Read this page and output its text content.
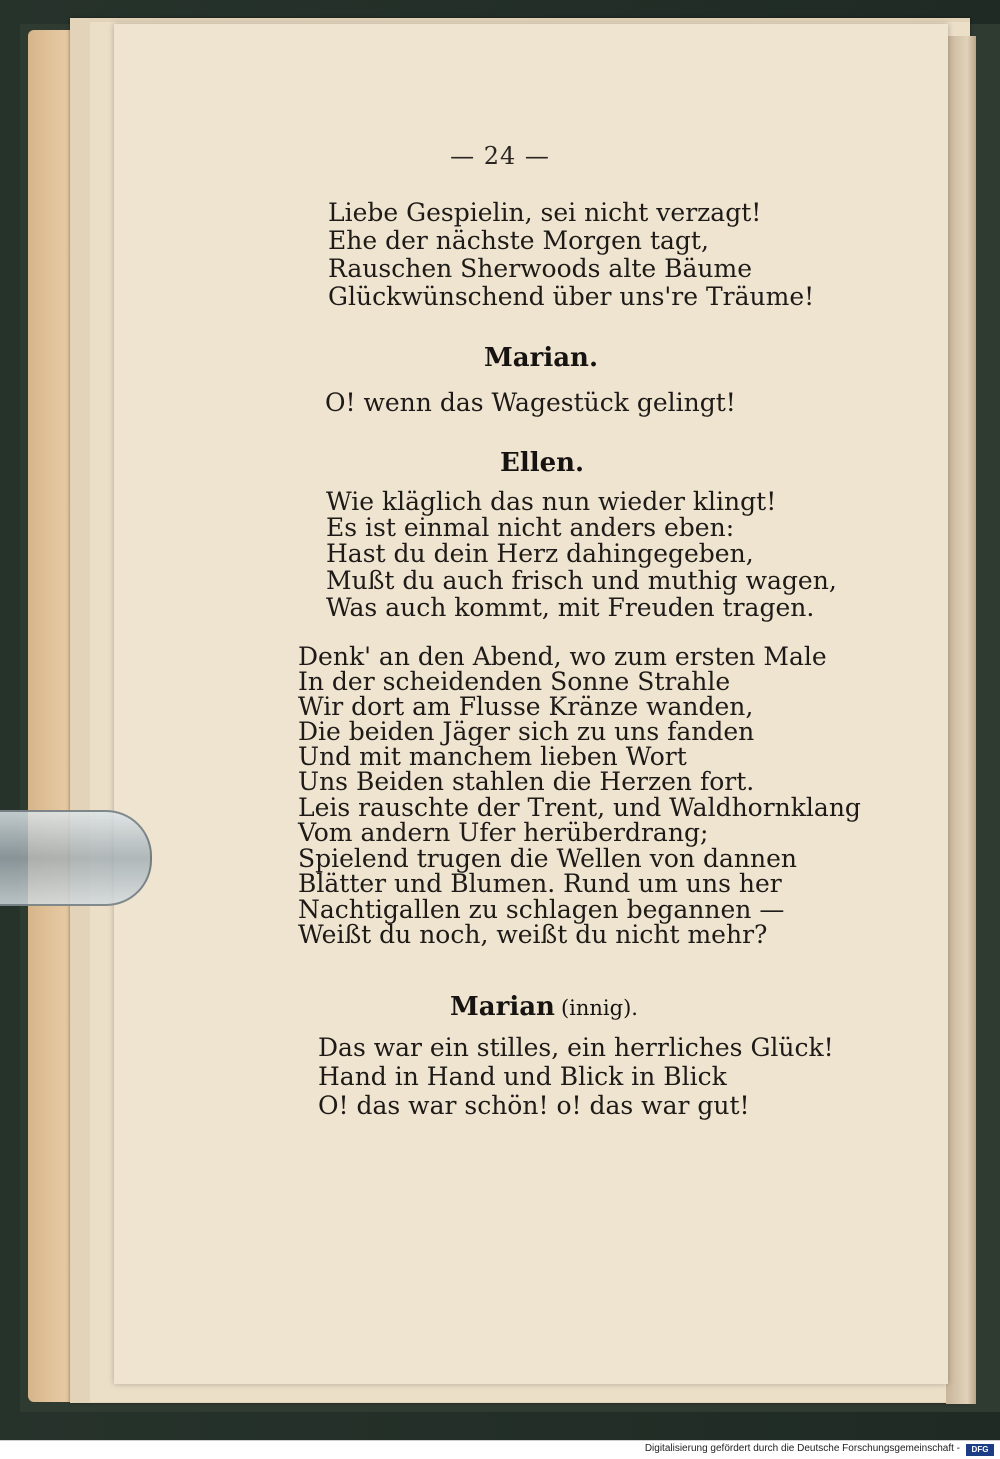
— 24 —
Liebe Gespielin, sei nicht verzagt!
Ehe der nächste Morgen tagt,
Rauschen Sherwoods alte Bäume
Glückwünschend über uns're Träume!
Marian.
O! wenn das Wagestück gelingt!
Ellen.
Wie kläglich das nun wieder klingt!
Es ist einmal nicht anders eben:
Hast du dein Herz dahingegeben,
Mußt du auch frisch und muthig wagen,
Was auch kommt, mit Freuden tragen.
Denk' an den Abend, wo zum ersten Male
In der scheidenden Sonne Strahle
Wir dort am Flusse Kränze wanden,
Die beiden Jäger sich zu uns fanden
Und mit manchem lieben Wort
Uns Beiden stahlen die Herzen fort.
Leis rauschte der Trent, und Waldhornklang
Vom andern Ufer herüberdrang;
Spielend trugen die Wellen von dannen
Blätter und Blumen. Rund um uns her
Nachtigallen zu schlagen begannen —
Weißt du noch, weißt du nicht mehr?
Marian (innig).
Das war ein stilles, ein herrliches Glück!
Hand in Hand und Blick in Blick
O! das war schön! o! das war gut!
Digitalisierung gefördert durch die Deutsche Forschungsgemeinschaft -	DFG
